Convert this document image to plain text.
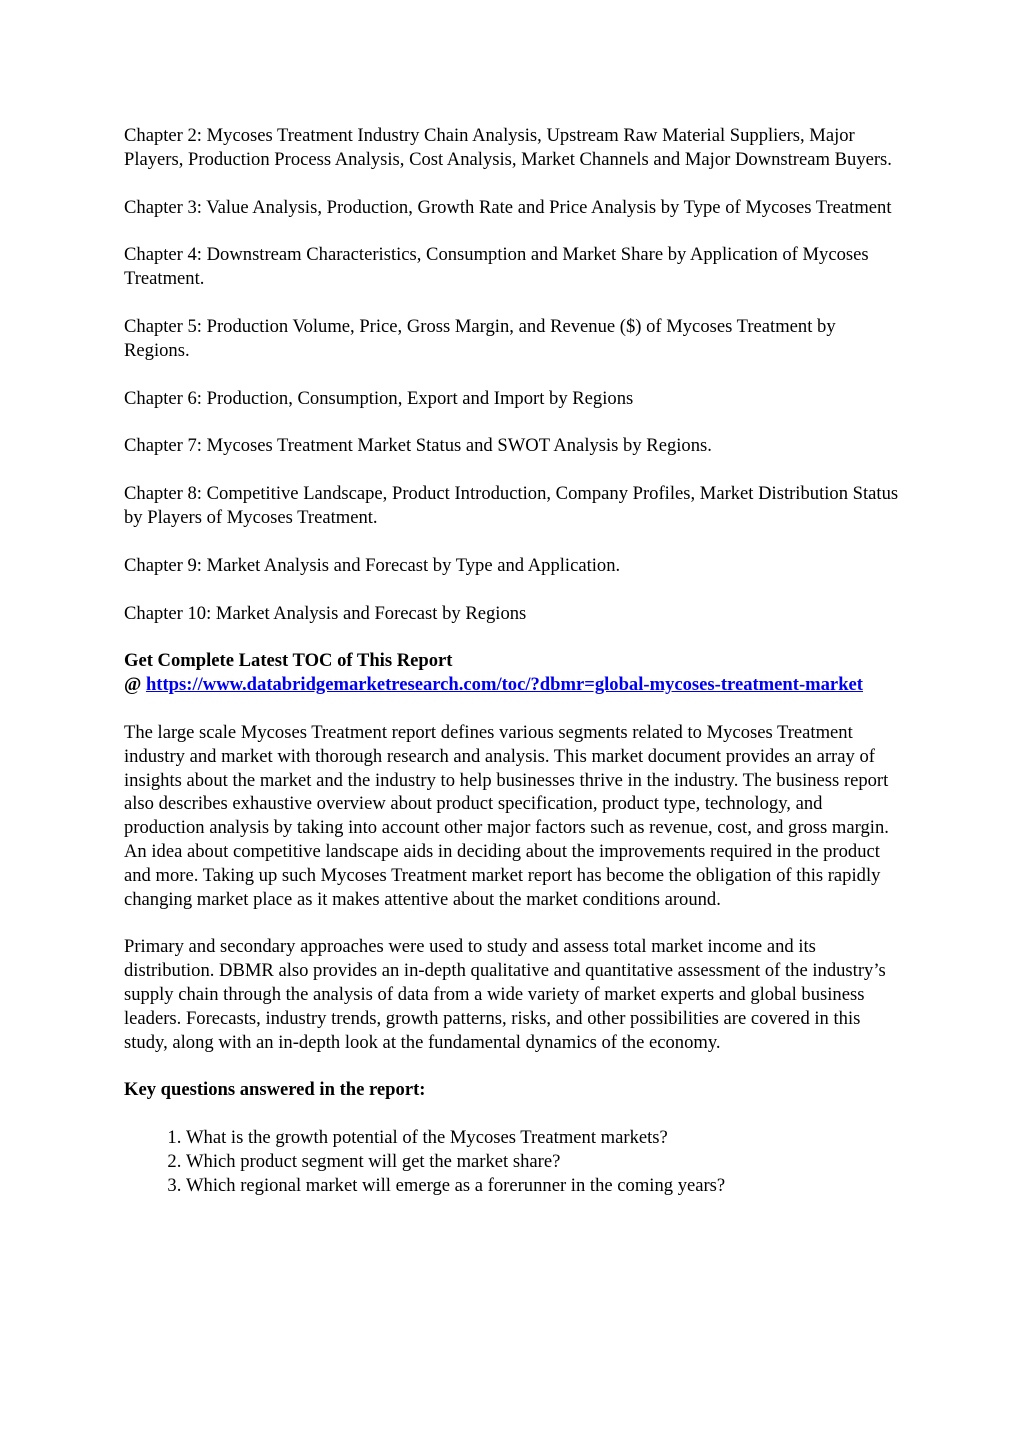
Chapter 2: Mycoses Treatment Industry Chain Analysis, Upstream Raw Material Suppliers, Major Players, Production Process Analysis, Cost Analysis, Market Channels and Major Downstream Buyers.

Chapter 3: Value Analysis, Production, Growth Rate and Price Analysis by Type of Mycoses Treatment

Chapter 4: Downstream Characteristics, Consumption and Market Share by Application of Mycoses Treatment.

Chapter 5: Production Volume, Price, Gross Margin, and Revenue ($) of Mycoses Treatment by Regions.

Chapter 6: Production, Consumption, Export and Import by Regions

Chapter 7: Mycoses Treatment Market Status and SWOT Analysis by Regions.

Chapter 8: Competitive Landscape, Product Introduction, Company Profiles, Market Distribution Status by Players of Mycoses Treatment.

Chapter 9: Market Analysis and Forecast by Type and Application.

Chapter 10: Market Analysis and Forecast by Regions

Get Complete Latest TOC of This Report
@ https://www.databridgemarketresearch.com/toc/?dbmr=global-mycoses-treatment-market

The large scale Mycoses Treatment report defines various segments related to Mycoses Treatment industry and market with thorough research and analysis. This market document provides an array of insights about the market and the industry to help businesses thrive in the industry. The business report also describes exhaustive overview about product specification, product type, technology, and production analysis by taking into account other major factors such as revenue, cost, and gross margin. An idea about competitive landscape aids in deciding about the improvements required in the product and more. Taking up such Mycoses Treatment market report has become the obligation of this rapidly changing market place as it makes attentive about the market conditions around.

Primary and secondary approaches were used to study and assess total market income and its distribution. DBMR also provides an in-depth qualitative and quantitative assessment of the industry’s supply chain through the analysis of data from a wide variety of market experts and global business leaders. Forecasts, industry trends, growth patterns, risks, and other possibilities are covered in this study, along with an in-depth look at the fundamental dynamics of the economy.

Key questions answered in the report:

1. What is the growth potential of the Mycoses Treatment markets?
2. Which product segment will get the market share?
3. Which regional market will emerge as a forerunner in the coming years?
